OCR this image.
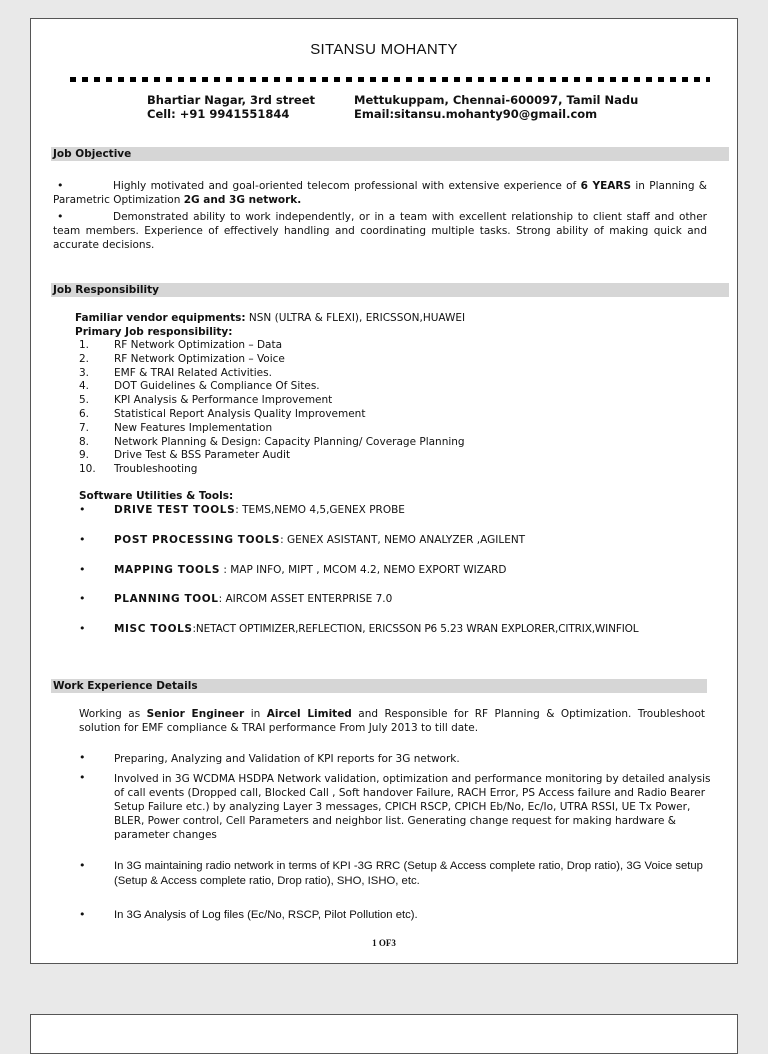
SITANSU MOHANTY
Bhartiar Nagar, 3rd street
Cell: +91 9941551844
Mettukuppam, Chennai-600097, Tamil Nadu
Email:sitansu.mohanty90@gmail.com
Job Objective
•	Highly motivated and goal-oriented telecom professional with extensive experience of 6 YEARS in Planning & Parametric Optimization 2G and 3G network.
•	Demonstrated ability to work independently, or in a team with excellent relationship to client staff and other team members. Experience of effectively handling and coordinating multiple tasks. Strong ability of making quick and accurate decisions.
Job Responsibility
Familiar vendor equipments: NSN (ULTRA & FLEXI), ERICSSON,HUAWEI
Primary Job responsibility:
1. RF Network Optimization – Data
2. RF Network Optimization – Voice
3. EMF & TRAI Related Activities.
4. DOT Guidelines & Compliance Of Sites.
5. KPI Analysis & Performance Improvement
6. Statistical Report Analysis Quality Improvement
7. New Features Implementation
8. Network Planning & Design: Capacity Planning/ Coverage Planning
9. Drive Test & BSS Parameter Audit
10. Troubleshooting
Software Utilities & Tools:
•	DRIVE TEST TOOLS: TEMS,NEMO 4,5,GENEX PROBE
•	POST PROCESSING TOOLS: GENEX ASISTANT, NEMO ANALYZER ,AGILENT
•	MAPPING TOOLS : MAP INFO, MIPT , MCOM 4.2, NEMO EXPORT WIZARD
•	PLANNING TOOL: AIRCOM ASSET ENTERPRISE 7.0
•	MISC TOOLS:NETACT OPTIMIZER,REFLECTION, ERICSSON P6 5.23 WRAN EXPLORER,CITRIX,WINFIOL
Work Experience Details
Working as Senior Engineer in Aircel Limited and Responsible for RF Planning & Optimization. Troubleshoot solution for EMF compliance & TRAI performance From July 2013 to till date.
•	Preparing, Analyzing and Validation of KPI reports for 3G network.
•	Involved in 3G WCDMA HSDPA Network validation, optimization and performance monitoring by detailed analysis of call events (Dropped call, Blocked Call , Soft handover Failure, RACH Error, PS Access failure and Radio Bearer Setup Failure etc.) by analyzing Layer 3 messages, CPICH RSCP, CPICH Eb/No, Ec/Io, UTRA RSSI, UE Tx Power, BLER, Power control, Cell Parameters and neighbor list. Generating change request for making hardware & parameter changes
•	In 3G maintaining radio network in terms of KPI -3G RRC (Setup & Access complete ratio, Drop ratio), 3G Voice setup (Setup & Access complete ratio, Drop ratio), SHO, ISHO, etc.
•	In 3G Analysis of Log files (Ec/No, RSCP, Pilot Pollution etc).
1 OF3
